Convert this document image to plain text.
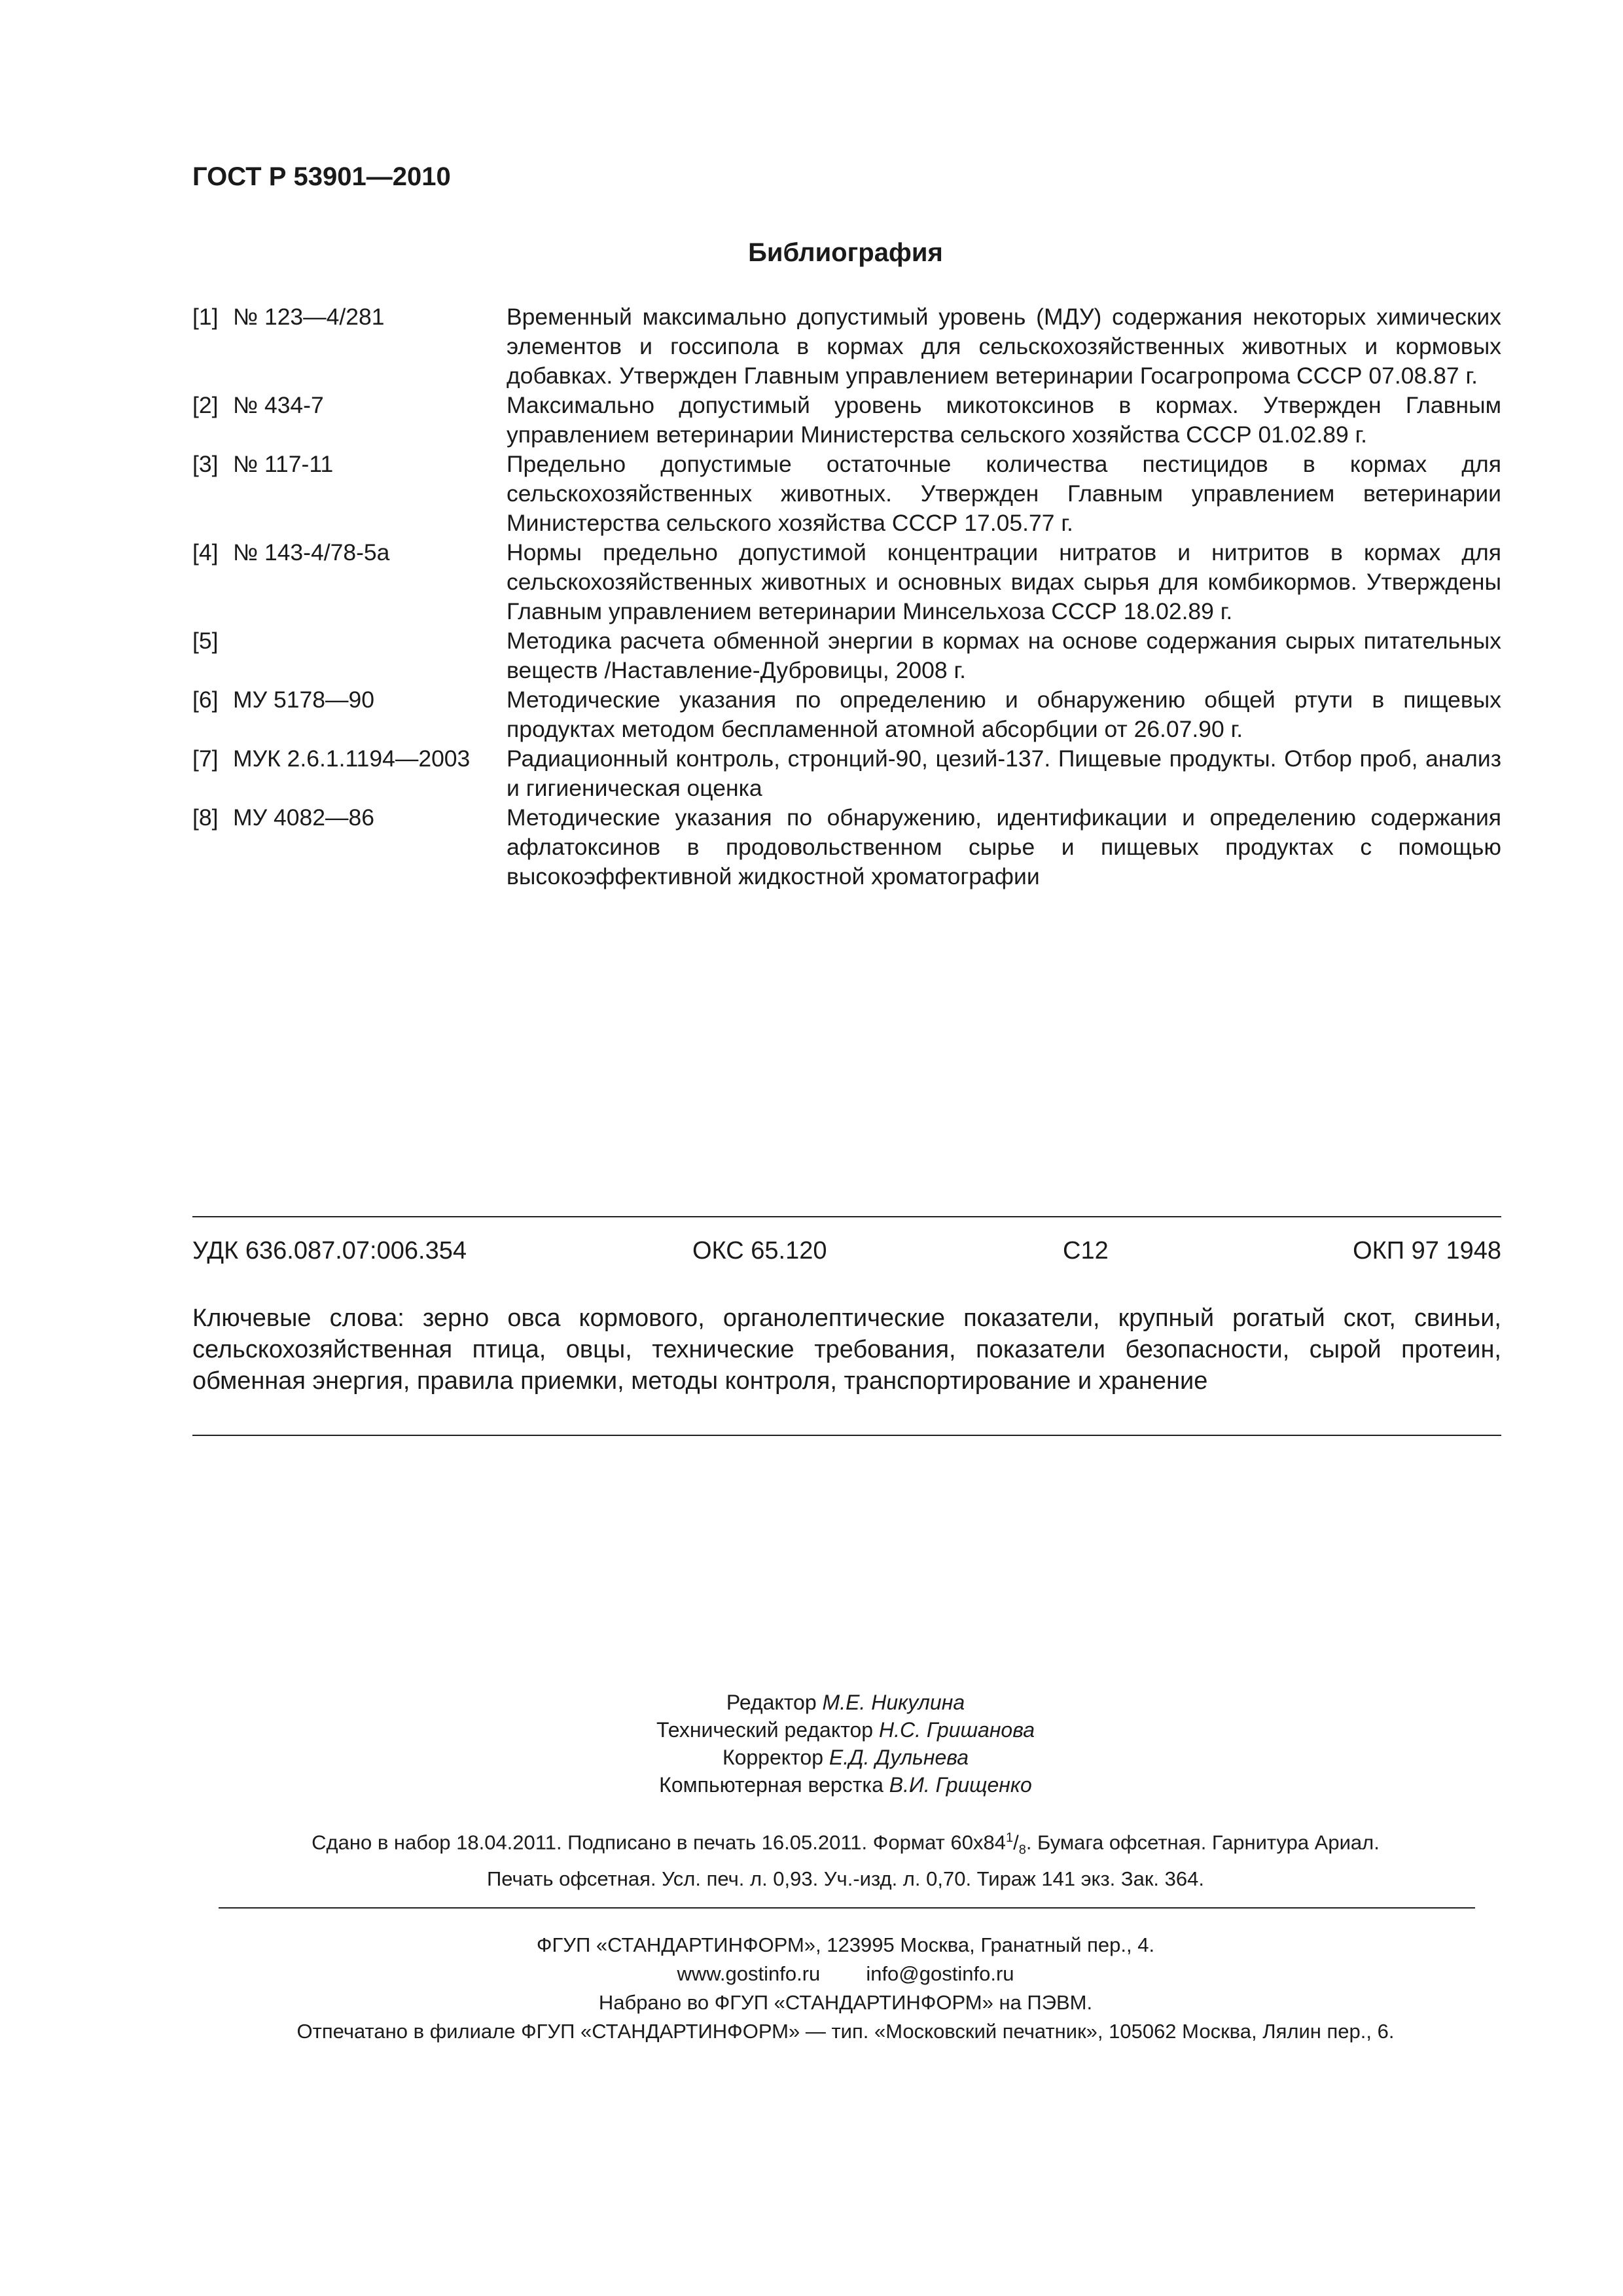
ГОСТ Р 53901—2010
Библиография
[1] № 123—4/281	Временный максимально допустимый уровень (МДУ) содержания некоторых химических элементов и госсипола в кормах для сельскохозяйственных животных и кормовых добавках. Утвержден Главным управлением ветеринарии Госагропрома СССР 07.08.87 г.
[2] № 434-7	Максимально допустимый уровень микотоксинов в кормах. Утвержден Главным управлением ветеринарии Министерства сельского хозяйства СССР 01.02.89 г.
[3] № 117-11	Предельно допустимые остаточные количества пестицидов в кормах для сельскохозяйственных животных. Утвержден Главным управлением ветеринарии Министерства сельского хозяйства СССР 17.05.77 г.
[4] № 143-4/78-5а	Нормы предельно допустимой концентрации нитратов и нитритов в кормах для сельскохозяйственных животных и основных видах сырья для комбикормов. Утверждены Главным управлением ветеринарии Минсельхоза СССР 18.02.89 г.
[5]	Методика расчета обменной энергии в кормах на основе содержания сырых питательных веществ /Наставление-Дубровицы, 2008 г.
[6] МУ 5178—90	Методические указания по определению и обнаружению общей ртути в пищевых продуктах методом беспламенной атомной абсорбции от 26.07.90 г.
[7] МУК 2.6.1.1194—2003	Радиационный контроль, стронций-90, цезий-137. Пищевые продукты. Отбор проб, анализ и гигиеническая оценка
[8] МУ 4082—86	Методические указания по обнаружению, идентификации и определению содержания афлатоксинов в продовольственном сырье и пищевых продуктах с помощью высокоэффективной жидкостной хроматографии
УДК 636.087.07:006.354	ОКС 65.120	С12	ОКП 97 1948
Ключевые слова: зерно овса кормового, органолептические показатели, крупный рогатый скот, свиньи, сельскохозяйственная птица, овцы, технические требования, показатели безопасности, сырой протеин, обменная энергия, правила приемки, методы контроля, транспортирование и хранение
Редактор М.Е. Никулина
Технический редактор Н.С. Гришанова
Корректор Е.Д. Дульнева
Компьютерная верстка В.И. Грищенко
Сдано в набор 18.04.2011. Подписано в печать 16.05.2011. Формат $60х84^1/_8$. Бумага офсетная. Гарнитура Ариал.
Печать офсетная. Усл. печ. л. 0,93. Уч.-изд. л. 0,70. Тираж 141 экз. Зак. 364.
ФГУП «СТАНДАРТИНФОРМ», 123995 Москва, Гранатный пер., 4.
www.gostinfo.ru info@gostinfo.ru
Набрано во ФГУП «СТАНДАРТИНФОРМ» на ПЭВМ.
Отпечатано в филиале ФГУП «СТАНДАРТИНФОРМ» — тип. «Московский печатник», 105062 Москва, Лялин пер., 6.
